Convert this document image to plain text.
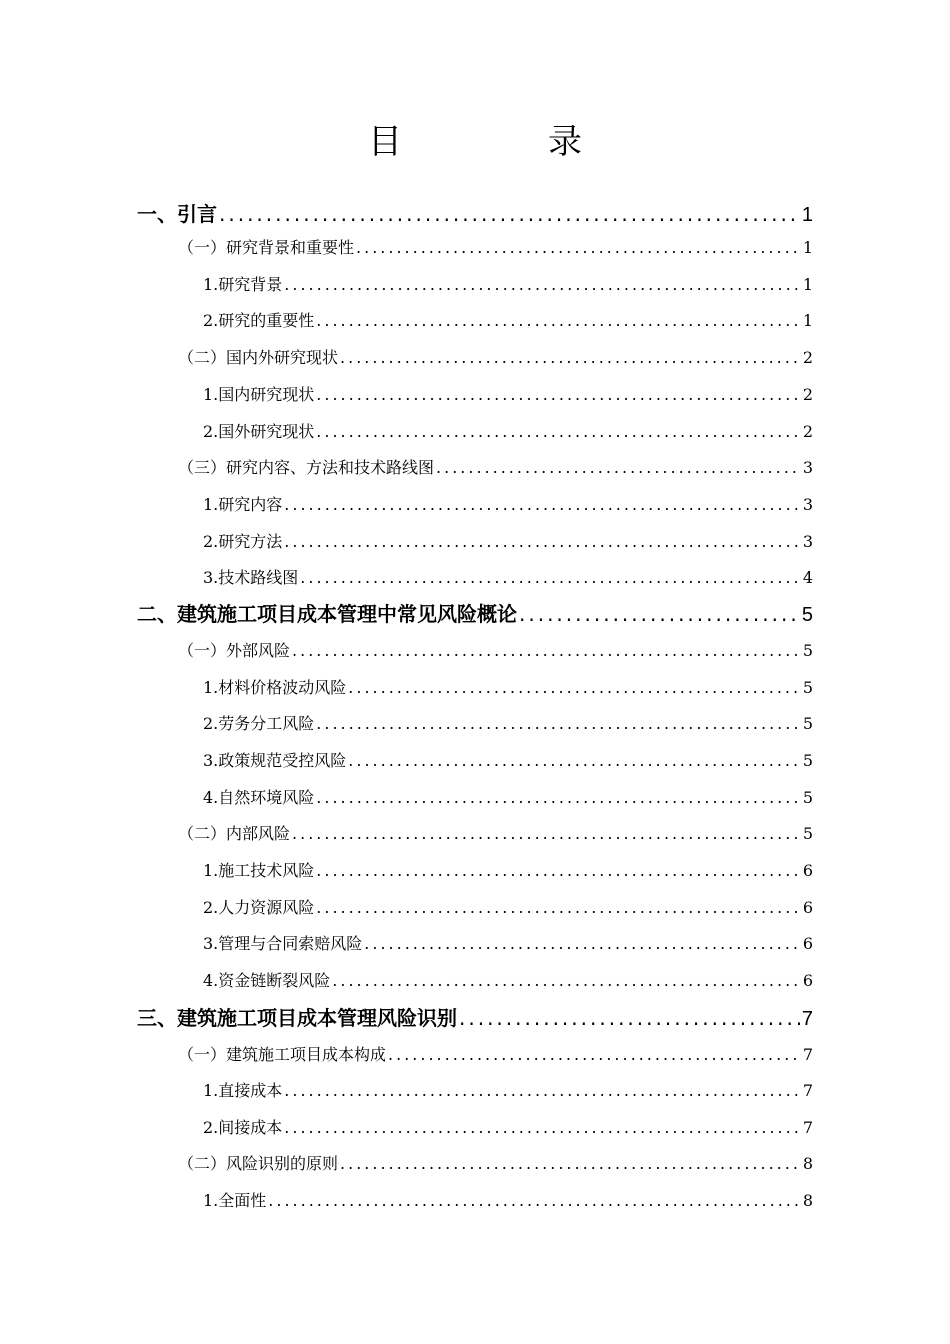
目　录
一、引言 .....	1
（一）研究背景和重要性 .....	1
1.研究背景 .....	1
2.研究的重要性 .....	1
（二）国内外研究现状 .....	2
1.国内研究现状 .....	2
2.国外研究现状 .....	2
（三）研究内容、方法和技术路线图 .....	3
1.研究内容 .....	3
2.研究方法 .....	3
3.技术路线图 .....	4
二、建筑施工项目成本管理中常见风险概论 .....	5
（一）外部风险 .....	5
1.材料价格波动风险 .....	5
2.劳务分工风险 .....	5
3.政策规范受控风险 .....	5
4.自然环境风险 .....	5
（二）内部风险 .....	5
1.施工技术风险 .....	6
2.人力资源风险 .....	6
3.管理与合同索赔风险 .....	6
4.资金链断裂风险 .....	6
三、建筑施工项目成本管理风险识别 .....	7
（一）建筑施工项目成本构成 .....	7
1.直接成本 .....	7
2.间接成本 .....	7
（二）风险识别的原则 .....	8
1.全面性 .....	8
